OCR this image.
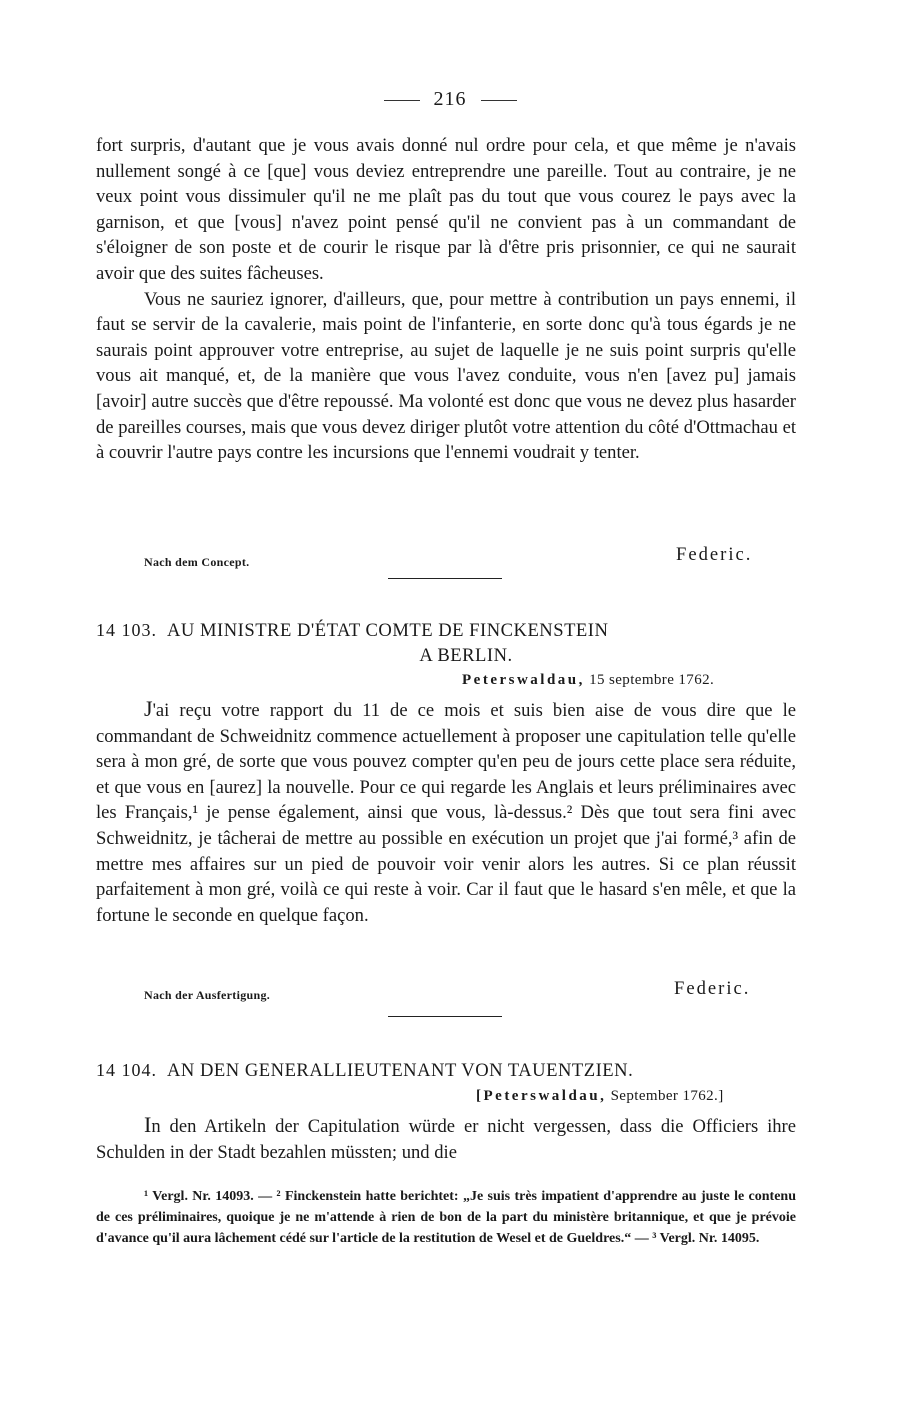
216

fort surpris, d'autant que je vous avais donné nul ordre pour cela, et que même je n'avais nullement songé à ce [que] vous deviez entreprendre une pareille. Tout au contraire, je ne veux point vous dissimuler qu'il ne me plaît pas du tout que vous courez le pays avec la garnison, et que [vous] n'avez point pensé qu'il ne convient pas à un commandant de s'éloigner de son poste et de courir le risque par là d'être pris prisonnier, ce qui ne saurait avoir que des suites fâcheuses.

Vous ne sauriez ignorer, d'ailleurs, que, pour mettre à contribution un pays ennemi, il faut se servir de la cavalerie, mais point de l'infanterie, en sorte donc qu'à tous égards je ne saurais point approuver votre entreprise, au sujet de laquelle je ne suis point surpris qu'elle vous ait manqué, et, de la manière que vous l'avez conduite, vous n'en [avez pu] jamais [avoir] autre succès que d'être repoussé. Ma volonté est donc que vous ne devez plus hasarder de pareilles courses, mais que vous devez diriger plutôt votre attention du côté d'Ottmachau et à couvrir l'autre pays contre les incursions que l'ennemi voudrait y tenter.

Nach dem Concept.	Federic.
14 103. AU MINISTRE D'ÉTAT COMTE DE FINCKENSTEIN
A BERLIN.
Peterswaldau, 15 septembre 1762.

J'ai reçu votre rapport du 11 de ce mois et suis bien aise de vous dire que le commandant de Schweidnitz commence actuellement à proposer une capitulation telle qu'elle sera à mon gré, de sorte que vous pouvez compter qu'en peu de jours cette place sera réduite, et que vous en [aurez] la nouvelle. Pour ce qui regarde les Anglais et leurs préliminaires avec les Français,¹ je pense également, ainsi que vous, là-dessus.² Dès que tout sera fini avec Schweidnitz, je tâcherai de mettre au possible en exécution un projet que j'ai formé,³ afin de mettre mes affaires sur un pied de pouvoir voir venir alors les autres. Si ce plan réussit parfaitement à mon gré, voilà ce qui reste à voir. Car il faut que le hasard s'en mêle, et que la fortune le seconde en quelque façon.

Nach der Ausfertigung.	Federic.
14 104. AN DEN GENERALLIEUTENANT VON TAUENTZIEN.
[Peterswaldau, September 1762.]

In den Artikeln der Capitulation würde er nicht vergessen, dass die Officiers ihre Schulden in der Stadt bezahlen müssten; und die

¹ Vergl. Nr. 14093. — ² Finckenstein hatte berichtet: „Je suis très impatient d'apprendre au juste le contenu de ces préliminaires, quoique je ne m'attende à rien de bon de la part du ministère britannique, et que je prévoie d'avance qu'il aura lâchement cédé sur l'article de la restitution de Wesel et de Gueldres.“ — ³ Vergl. Nr. 14095.
